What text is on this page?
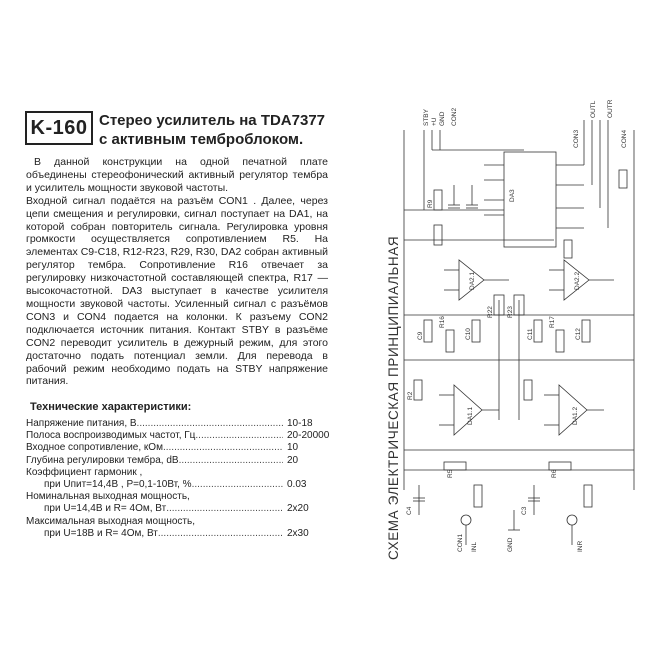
K-160 Стерео усилитель на TDA7377
с активным темброблоком.

В данной конструкции на одной печатной плате объединены стереофонический активный регулятор тембра и усилитель мощности звуковой частоты.

Входной сигнал подаётся на разъём CON1 . Далее, через цепи смещения и регулировки, сигнал поступает на DA1, на которой собран повторитель сигнала. Регулировка уровня громкости осуществляется сопротивлением R5. На элементах C9-C18, R12-R23, R29, R30, DA2 собран активный регулятор тембра. Сопротивление R16 отвечает за регулировку низкочастотной составляющей спектра, R17 — высокочастотной. DA3 выступает в качестве усилителя мощности звуковой частоты. Усиленный сигнал с разъёмов CON3 и CON4 подается на колонки. К разъему CON2 подключается источник питания. Контакт STBY в разъёме CON2 переводит усилитель в дежурный режим, для этого достаточно подать потенциал земли. Для перевода в рабочий режим необходимо подать на STBY напряжение питания.

Технические характеристики:
Напряжение питания, В .....	10-18
Полоса воспроизводимых частот, Гц .....	20-20000
Входное сопротивление, кОм .....	10
Глубина регулировки тембра, dB .....	20
Коэффициент гармоник ,
при Uпит=14,4В , Р=0,1-10Вт, % .....	0.03
Номинальная выходная мощность,
при U=14,4В и R= 4Ом, Вт .....	2x20
Максимальная выходная мощность,
при U=18В и R= 4Ом, Вт .....	2x30
STBY +U GND CON2
CON3
OUTL OUTR
CON4
DA3
DA2.1	DA2.2
DA1.1	DA1.2
R5	R6
R16	R17
R22 R23
R2
R9
C9	C10	C11	C12
C4	C3
CON1 INL	GND	INR
СХЕМА ЭЛЕКТРИЧЕСКАЯ ПРИНЦИПИАЛЬНАЯ
